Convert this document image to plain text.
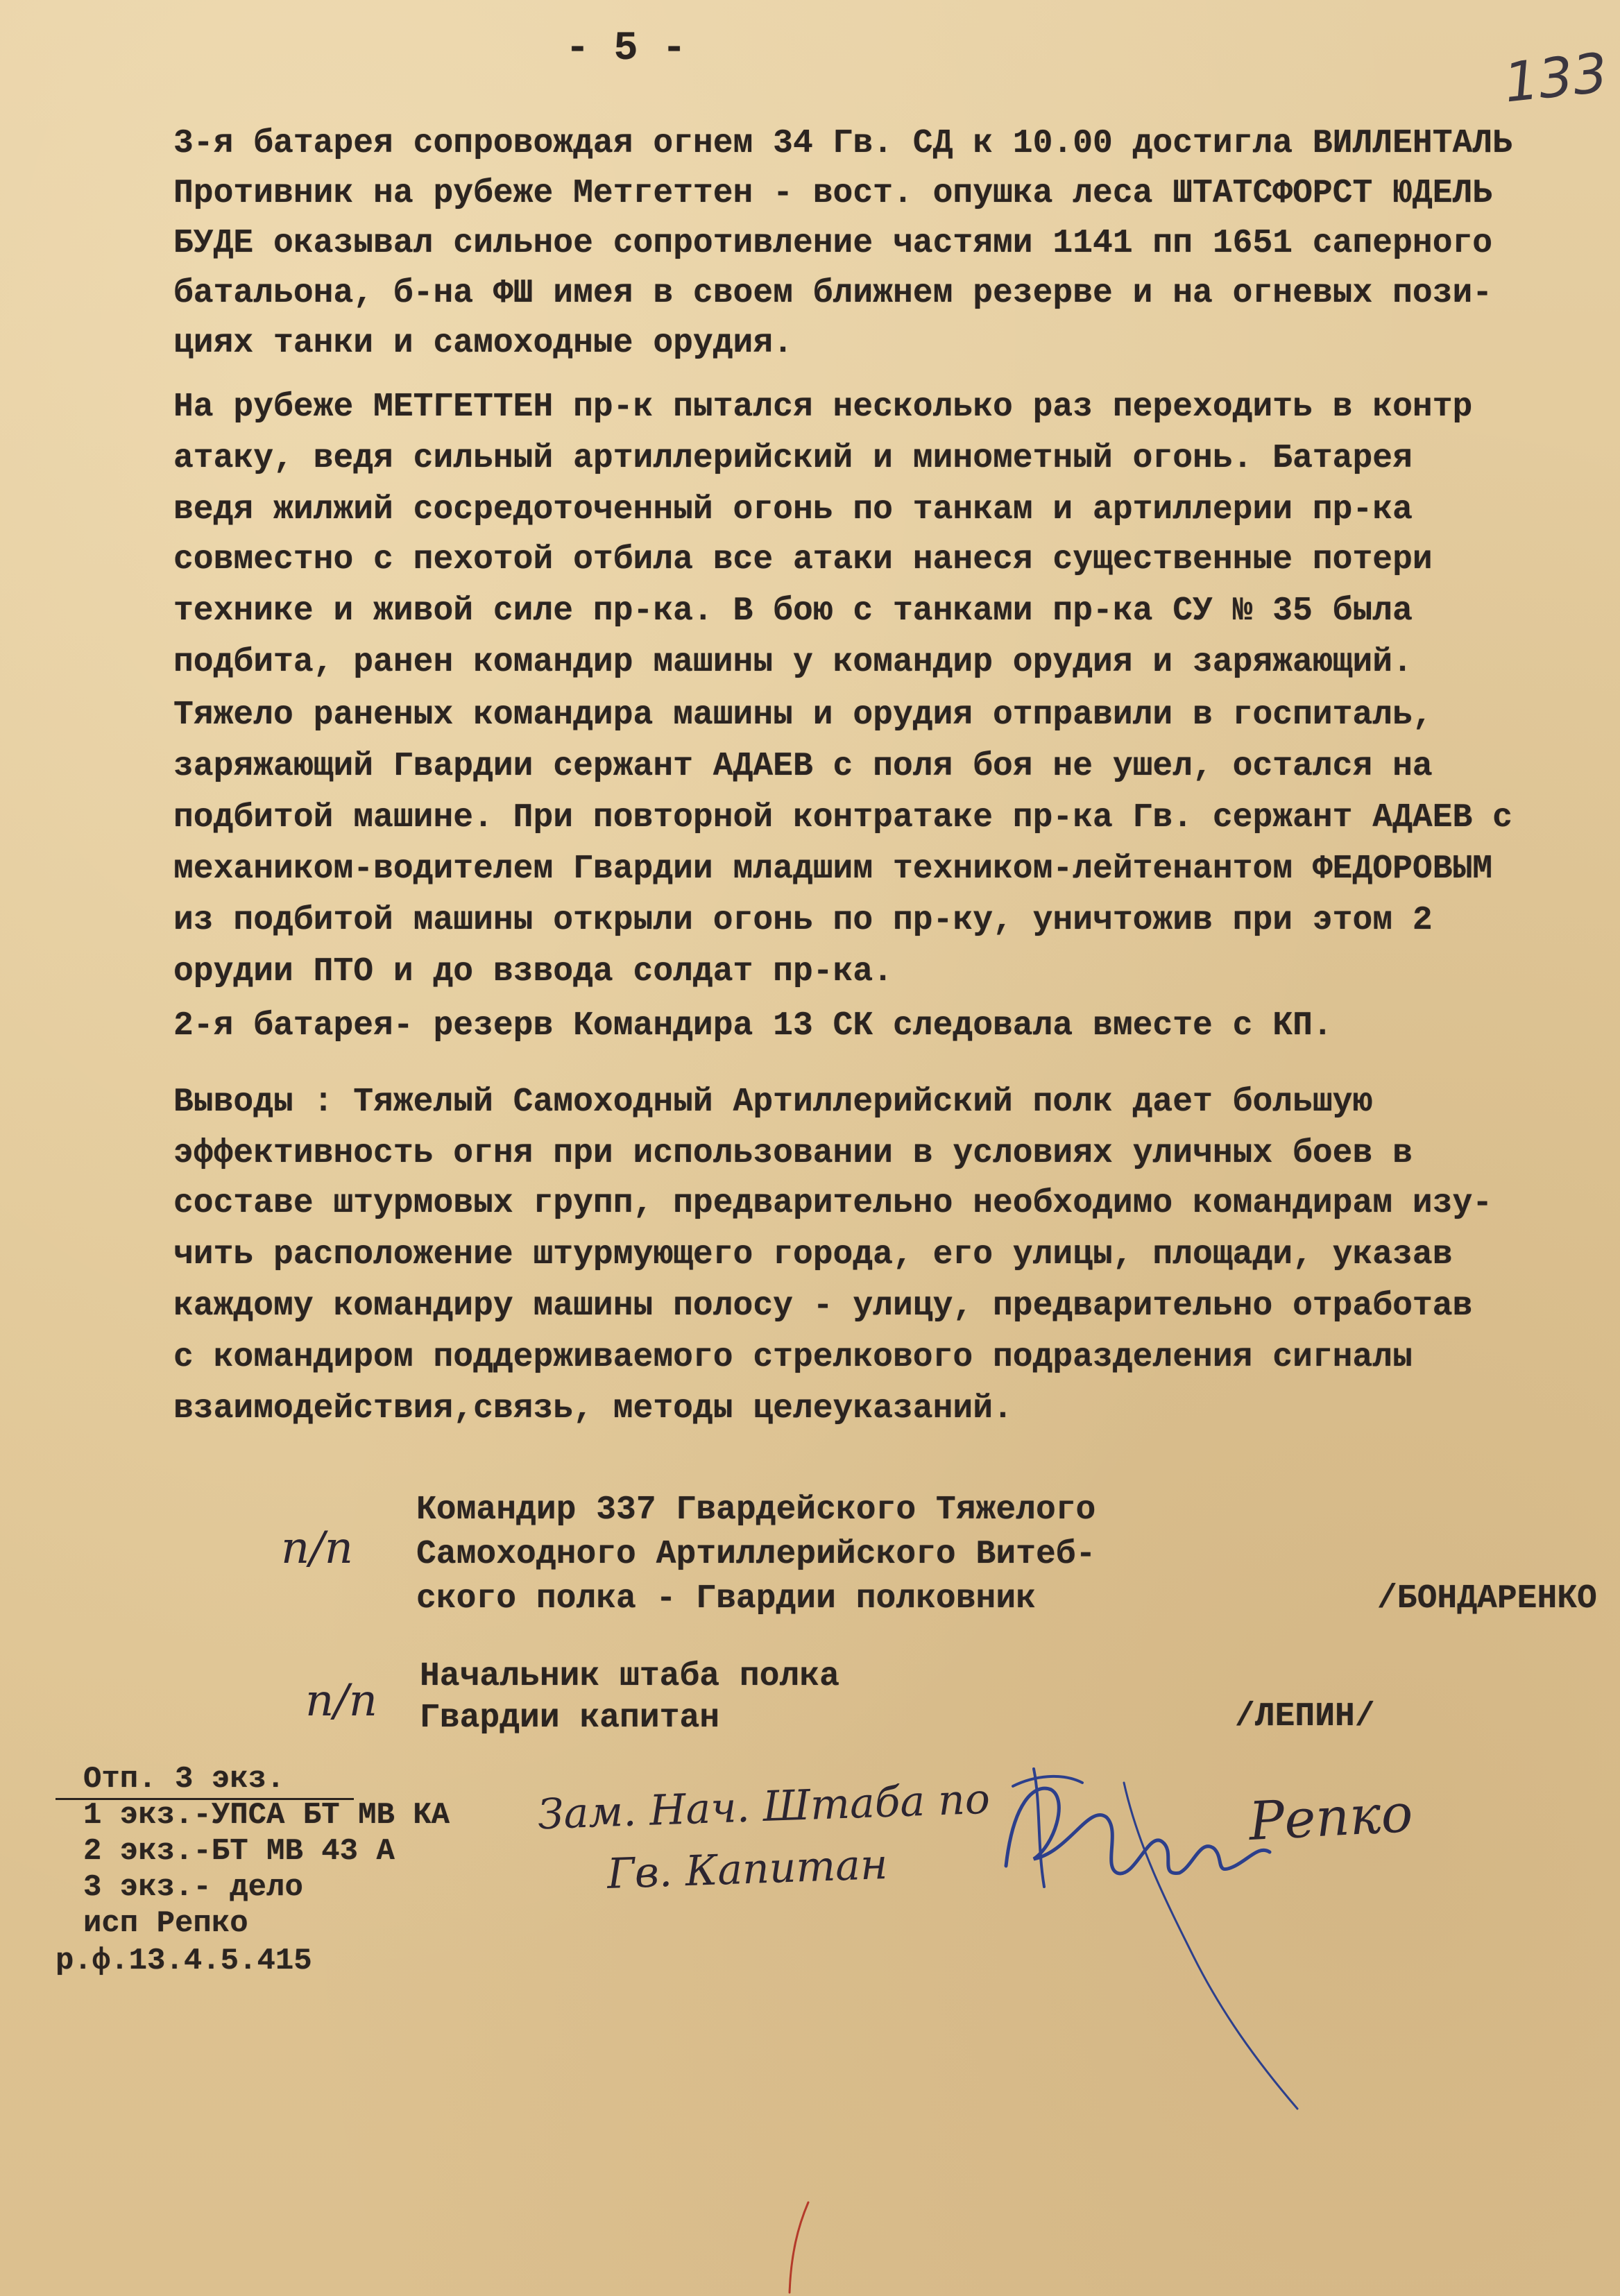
- 5 -	133
3-я батарея сопровождая огнем 34 Гв. СД к 10.00 достигла ВИЛЛЕНТАЛЬ
Противник на рубеже Метгеттен - вост. опушка леса ШТАТСФОРСТ ЮДЕЛЬ
БУДЕ оказывал сильное сопротивление частями 1141 пп 1651 саперного
батальона, б-на ФШ имея в своем ближнем резерве и на огневых пози-
циях танки и самоходные орудия.
На рубеже МЕТГЕТТЕН пр-к пытался несколько раз переходить в контр
атаку, ведя сильный артиллерийский и минометный огонь. Батарея
ведя жилжий сосредоточенный огонь по танкам и артиллерии пр-ка
совместно с пехотой отбила все атаки нанеся существенные потери
технике и живой силе пр-ка. В бою с танками пр-ка СУ № 35 была
подбита, ранен командир машины у командир орудия и заряжающий.
Тяжело раненых командира машины и орудия отправили в госпиталь,
заряжающий Гвардии сержант АДАЕВ с поля боя не ушел, остался на
подбитой машине. При повторной контратаке пр-ка Гв. сержант АДАЕВ с
механиком-водителем Гвардии младшим техником-лейтенантом ФЕДОРОВЫМ
из подбитой машины открыли огонь по пр-ку, уничтожив при этом 2
орудии ПТО и до взвода солдат пр-ка.
2-я батарея- резерв Командира 13 СК следовала вместе с КП.
Выводы : Тяжелый Самоходный Артиллерийский полк дает большую
эффективность огня при использовании в условиях уличных боев в
составе штурмовых групп, предварительно необходимо командирам изу-
чить расположение штурмующего города, его улицы, площади, указав
каждому командиру машины полосу - улицу, предварительно отработав
с командиром поддерживаемого стрелкового подразделения сигналы
взаимодействия,связь, методы целеуказаний.
п/п
Командир 337 Гвардейского Тяжелого
Самоходного Артиллерийского Витеб-
ского полка - Гвардии полковник	/БОНДАРЕНКО
п/п Начальник штаба полка
Гвардии капитан	/ЛЕПИН/
Отп. 3 экз.
1 экз.-УПСА БТ МВ КА
2 экз.-БТ МВ 43 А
3 экз.- дело
исп Репко
р.ф.13.4.5.415
Зам. Нач. Штаба по
Гв. Капитан
Репко
